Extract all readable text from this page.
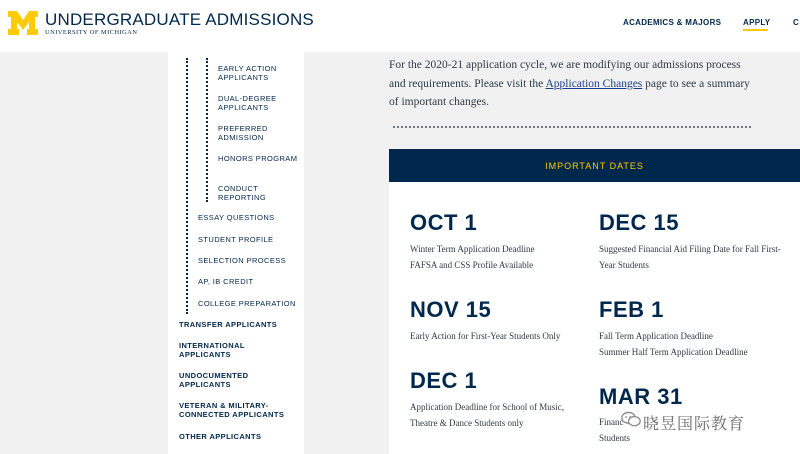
UNDERGRADUATE ADMISSIONS
UNIVERSITY OF MICHIGAN
ACADEMICS & MAJORS	APPLY	C
EARLY ACTION APPLICANTS
DUAL-DEGREE APPLICANTS
PREFERRED ADMISSION
HONORS PROGRAM
CONDUCT REPORTING
ESSAY QUESTIONS
STUDENT PROFILE
SELECTION PROCESS
AP, IB CREDIT
COLLEGE PREPARATION
TRANSFER APPLICANTS
INTERNATIONAL APPLICANTS
UNDOCUMENTED APPLICANTS
VETERAN & MILITARY-CONNECTED APPLICANTS
OTHER APPLICANTS

For the 2020-21 application cycle, we are modifying our admissions process and requirements. Please visit the Application Changes page to see a summary of important changes.

IMPORTANT DATES
OCT 1
Winter Term Application Deadline
FAFSA and CSS Profile Available
DEC 15
Suggested Financial Aid Filing Date for Fall First-Year Students
NOV 15
Early Action for First-Year Students Only
FEB 1
Fall Term Application Deadline
Summer Half Term Application Deadline
DEC 1
Application Deadline for School of Music, Theatre & Dance Students only
MAR 31
Financ
Students
晓昱国际教育
